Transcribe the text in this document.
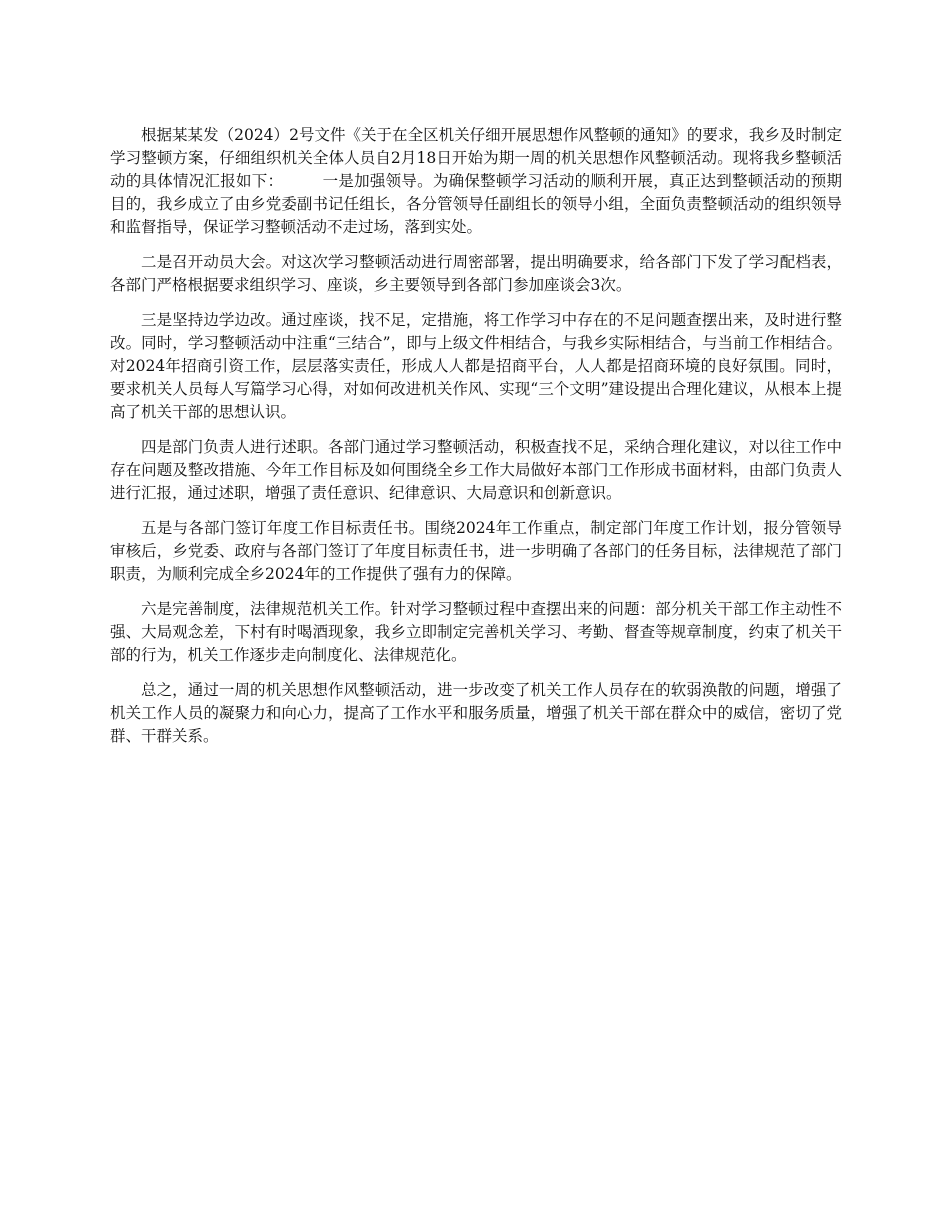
根据某某发（2024）2号文件《关于在全区机关仔细开展思想作风整顿的通知》的要求，我乡及时制定学习整顿方案，仔细组织机关全体人员自2月18日开始为期一周的机关思想作风整顿活动。现将我乡整顿活动的具体情况汇报如下：　　　一是加强领导。为确保整顿学习活动的顺利开展，真正达到整顿活动的预期目的，我乡成立了由乡党委副书记任组长，各分管领导任副组长的领导小组，全面负责整顿活动的组织领导和监督指导，保证学习整顿活动不走过场，落到实处。

二是召开动员大会。对这次学习整顿活动进行周密部署，提出明确要求，给各部门下发了学习配档表，各部门严格根据要求组织学习、座谈，乡主要领导到各部门参加座谈会3次。

三是坚持边学边改。通过座谈，找不足，定措施，将工作学习中存在的不足问题查摆出来，及时进行整改。同时，学习整顿活动中注重“三结合”，即与上级文件相结合，与我乡实际相结合，与当前工作相结合。对2024年招商引资工作，层层落实责任，形成人人都是招商平台，人人都是招商环境的良好氛围。同时，要求机关人员每人写篇学习心得，对如何改进机关作风、实现“三个文明”建设提出合理化建议，从根本上提高了机关干部的思想认识。

四是部门负责人进行述职。各部门通过学习整顿活动，积极查找不足，采纳合理化建议，对以往工作中存在问题及整改措施、今年工作目标及如何围绕全乡工作大局做好本部门工作形成书面材料，由部门负责人进行汇报，通过述职，增强了责任意识、纪律意识、大局意识和创新意识。

五是与各部门签订年度工作目标责任书。围绕2024年工作重点，制定部门年度工作计划，报分管领导审核后，乡党委、政府与各部门签订了年度目标责任书，进一步明确了各部门的任务目标，法律规范了部门职责，为顺利完成全乡2024年的工作提供了强有力的保障。

六是完善制度，法律规范机关工作。针对学习整顿过程中查摆出来的问题：部分机关干部工作主动性不强、大局观念差，下村有时喝酒现象，我乡立即制定完善机关学习、考勤、督查等规章制度，约束了机关干部的行为，机关工作逐步走向制度化、法律规范化。

总之，通过一周的机关思想作风整顿活动，进一步改变了机关工作人员存在的软弱涣散的问题，增强了机关工作人员的凝聚力和向心力，提高了工作水平和服务质量，增强了机关干部在群众中的威信，密切了党群、干群关系。
